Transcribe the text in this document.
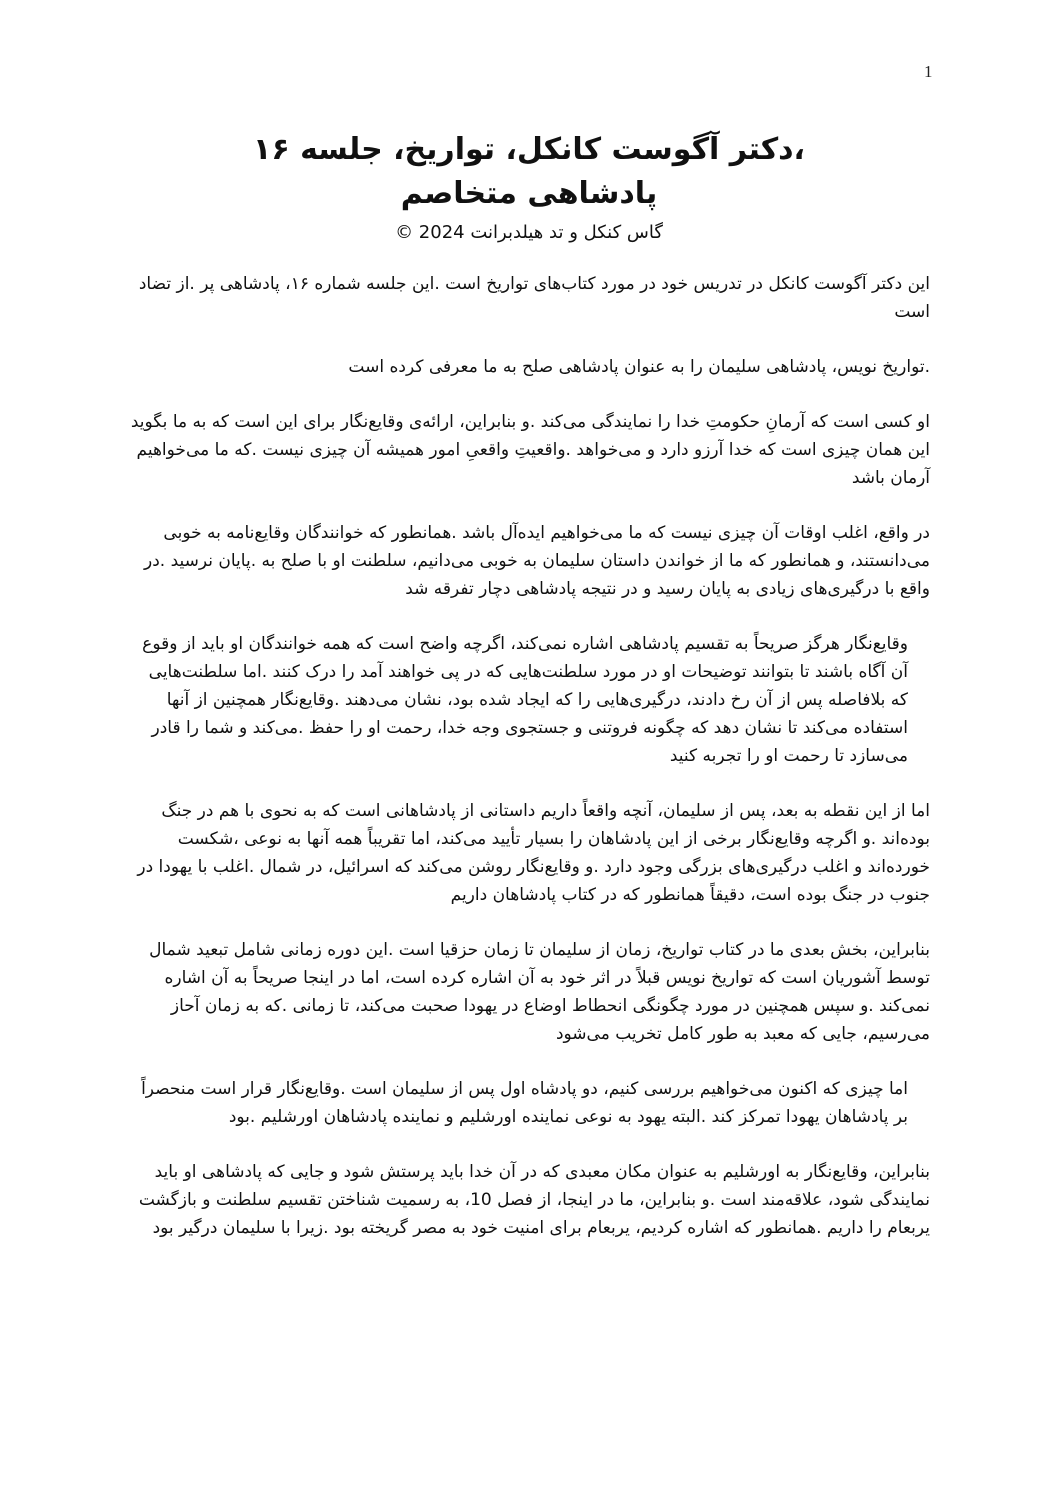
1
،دکتر آگوست کانکل، تواریخ، جلسه ۱۶
پادشاهی متخاصم
گاس کنکل و تد هیلدبرانت 2024 ©

این دکتر آگوست کانکل در تدریس خود در مورد کتاب‌های تواریخ است .این جلسه شماره ۱۶، پادشاهی پر .از تضاد است

.تواریخ نویس، پادشاهی سلیمان را به عنوان پادشاهی صلح به ما معرفی کرده است

او کسی است که آرمانِ حکومتِ خدا را نمایندگی می‌کند .و بنابراین، ارائه‌ی وقایع‌نگار برای این است که به ما بگوید این همان چیزی است که خدا آرزو دارد و می‌خواهد .واقعیتِ واقعیِ امور همیشه آن چیزی نیست .که ما می‌خواهیم آرمان باشد

در واقع، اغلب اوقات آن چیزی نیست که ما می‌خواهیم ایده‌آل باشد .همانطور که خوانندگان وقایع‌نامه به خوبی می‌دانستند، و همانطور که ما از خواندن داستان سلیمان به خوبی می‌دانیم، سلطنت او با صلح به .پایان نرسید .در واقع با درگیری‌های زیادی به پایان رسید و در نتیجه پادشاهی دچار تفرقه شد

وقایع‌نگار هرگز صریحاً به تقسیم پادشاهی اشاره نمی‌کند، اگرچه واضح است که همه خوانندگان او باید از وقوع آن آگاه باشند تا بتوانند توضیحات او در مورد سلطنت‌هایی که در پی خواهند آمد را درک کنند .اما سلطنت‌هایی که بلافاصله پس از آن رخ دادند، درگیری‌هایی را که ایجاد شده بود، نشان می‌دهند .وقایع‌نگار همچنین از آنها استفاده می‌کند تا نشان دهد که چگونه فروتنی و جستجوی وجه خدا، رحمت او را حفظ .می‌کند و شما را قادر می‌سازد تا رحمت او را تجربه کنید

اما از این نقطه به بعد، پس از سلیمان، آنچه واقعاً داریم داستانی از پادشاهانی است که به نحوی با هم در جنگ بوده‌اند .و اگرچه وقایع‌نگار برخی از این پادشاهان را بسیار تأیید می‌کند، اما تقریباً همه آنها به نوعی ،شکست خورده‌اند و اغلب درگیری‌های بزرگی وجود دارد .و وقایع‌نگار روشن می‌کند که اسرائیل، در شمال .اغلب با یهودا در جنوب در جنگ بوده است، دقیقاً همانطور که در کتاب پادشاهان داریم

بنابراین، بخش بعدی ما در کتاب تواریخ، زمان از سلیمان تا زمان حزقیا است .این دوره زمانی شامل تبعید شمال توسط آشوریان است که تواریخ نویس قبلاً در اثر خود به آن اشاره کرده است، اما در اینجا صریحاً به آن اشاره نمی‌کند .و سپس همچنین در مورد چگونگی انحطاط اوضاع در یهودا صحبت می‌کند، تا زمانی .که به زمان آحاز می‌رسیم، جایی که معبد به طور کامل تخریب می‌شود

اما چیزی که اکنون می‌خواهیم بررسی کنیم، دو پادشاه اول پس از سلیمان است .وقایع‌نگار قرار است منحصراً بر پادشاهان یهودا تمرکز کند .البته یهود به نوعی نماینده اورشلیم و نماینده پادشاهان اورشلیم .بود

بنابراین، وقایع‌نگار به اورشلیم به عنوان مکان معبدی که در آن خدا باید پرستش شود و جایی که پادشاهی او باید نمایندگی شود، علاقه‌مند است .و بنابراین، ما در اینجا، از فصل 10، به رسمیت شناختن تقسیم سلطنت و بازگشت یربعام را داریم .همانطور که اشاره کردیم، یربعام برای امنیت خود به مصر گریخته بود .زیرا با سلیمان درگیر بود
